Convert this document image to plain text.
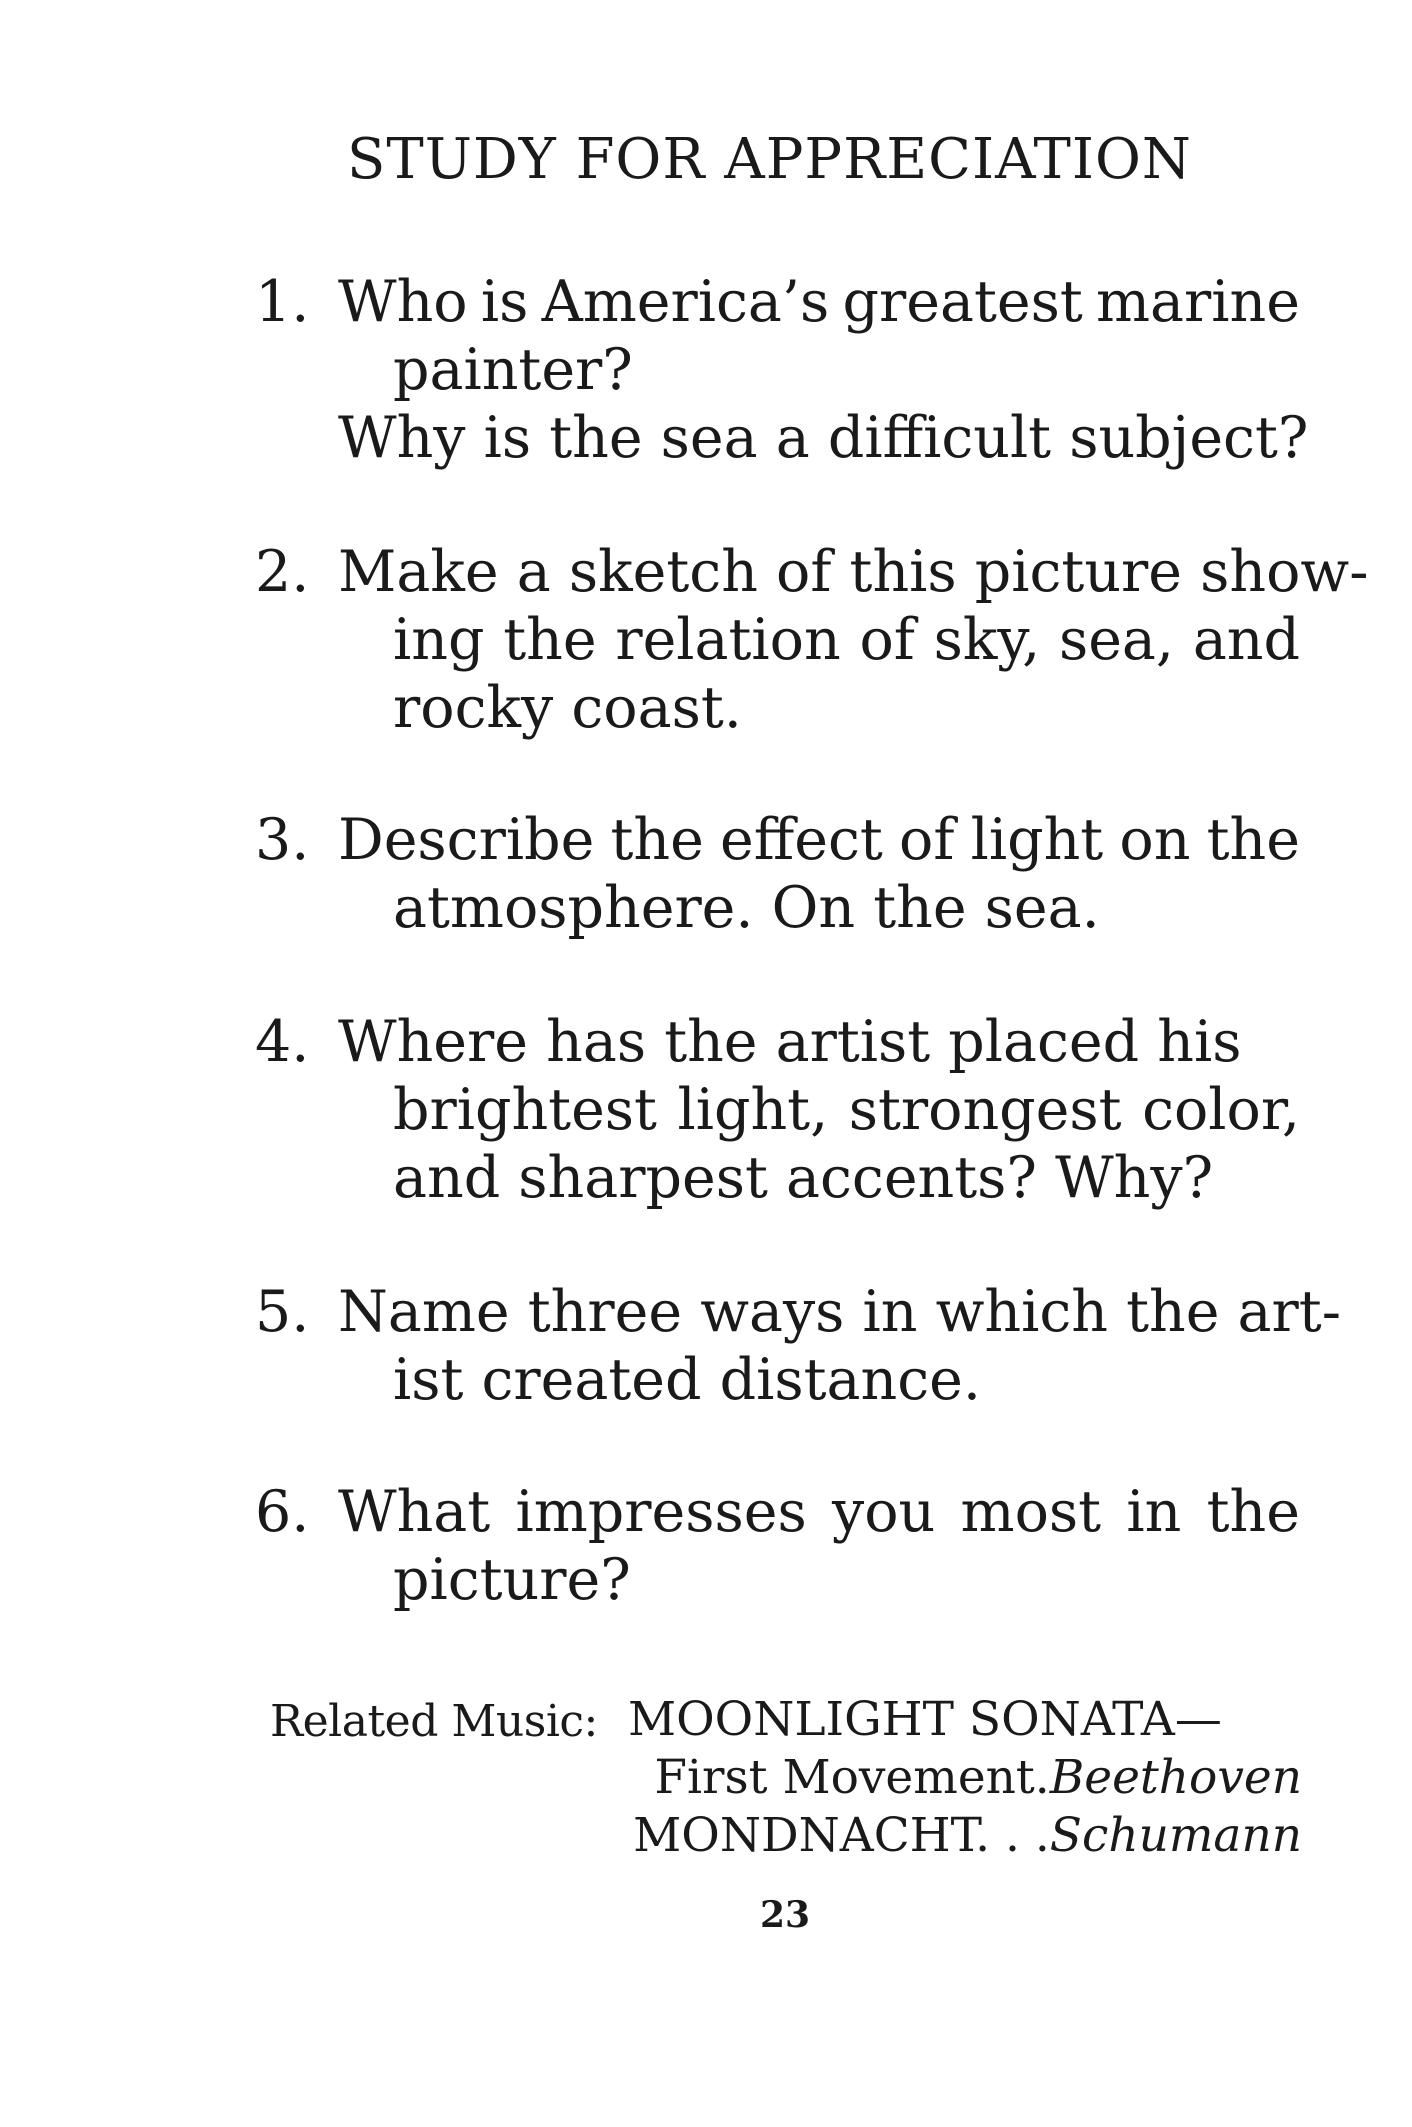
STUDY FOR APPRECIATION
1. Who is America’s greatest marine
painter?
Why is the sea a difficult subject?
2. Make a sketch of this picture show-
ing the relation of sky, sea, and
rocky coast.
3. Describe the effect of light on the
atmosphere. On the sea.
4. Where has the artist placed his
brightest light, strongest color,
and sharpest accents? Why?
5. Name three ways in which the art-
ist created distance.
6. What impresses you most in the
picture?
Related Music: MOONLIGHT SONATA—
First Movement.Beethoven
MONDNACHT. . .Schumann
23
